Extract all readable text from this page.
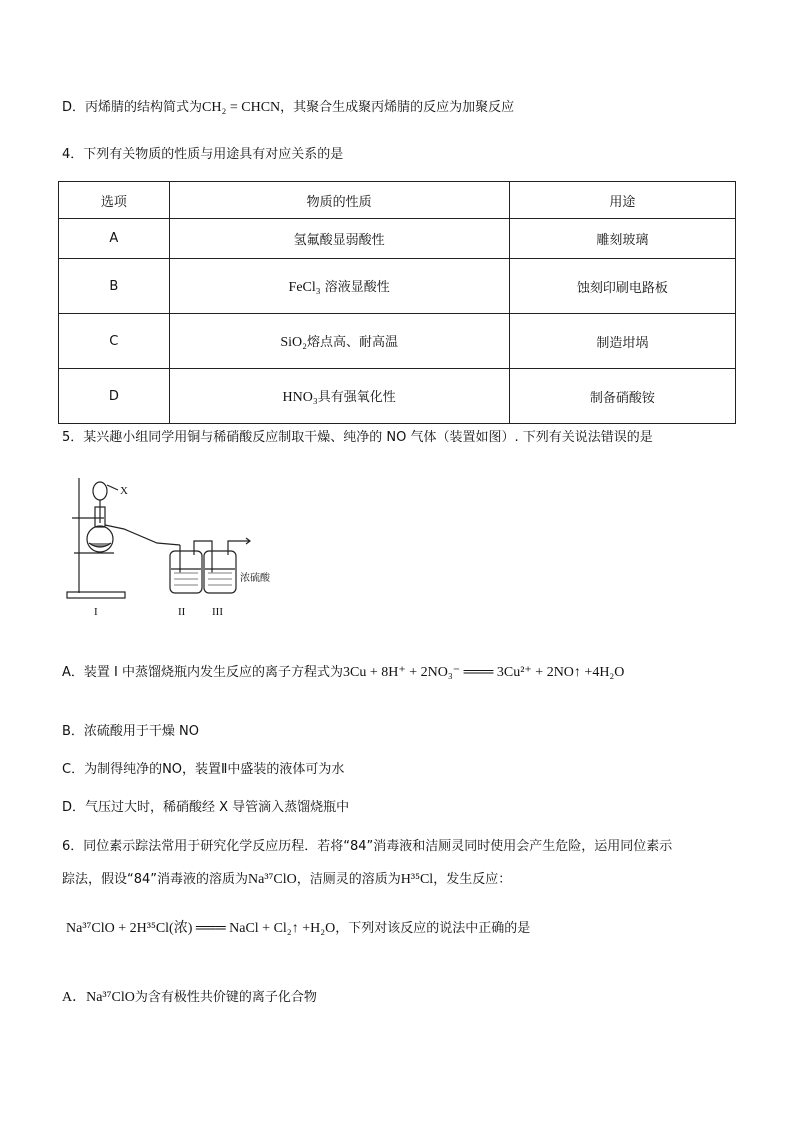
D．丙烯腈的结构简式为CH₂ = CHCN，其聚合生成聚丙烯腈的反应为加聚反应
4．下列有关物质的性质与用途具有对应关系的是
选项	物质的性质	用途
A	氢氟酸显弱酸性	雕刻玻璃
B	FeCl₃ 溶液显酸性	蚀刻印刷电路板
C	SiO₂熔点高、耐高温	制造坩埚
D	HNO₃具有强氧化性	制备硝酸铵
5．某兴趣小组同学用铜与稀硝酸反应制取干燥、纯净的 NO 气体（装置如图）. 下列有关说法错误的是
X
浓硫酸
I	II III
A．装置 I 中蒸馏烧瓶内发生反应的离子方程式为3Cu + 8H⁺ + 2NO₃⁻ ═══ 3Cu²⁺ + 2NO↑ +4H₂O
B．浓硫酸用于干燥 NO
C．为制得纯净的NO，装置Ⅱ中盛装的液体可为水
D．气压过大时，稀硝酸经 X 导管滴入蒸馏烧瓶中
6．同位素示踪法常用于研究化学反应历程．若将“84”消毒液和洁厕灵同时使用会产生危险，运用同位素示
踪法，假设“84”消毒液的溶质为Na³⁷ClO，洁厕灵的溶质为H³⁵Cl，发生反应：
Na³⁷ClO + 2H³⁵Cl(浓) ═══ NaCl + Cl₂↑ +H₂O，下列对该反应的说法中正确的是
A．Na³⁷ClO为含有极性共价键的离子化合物
